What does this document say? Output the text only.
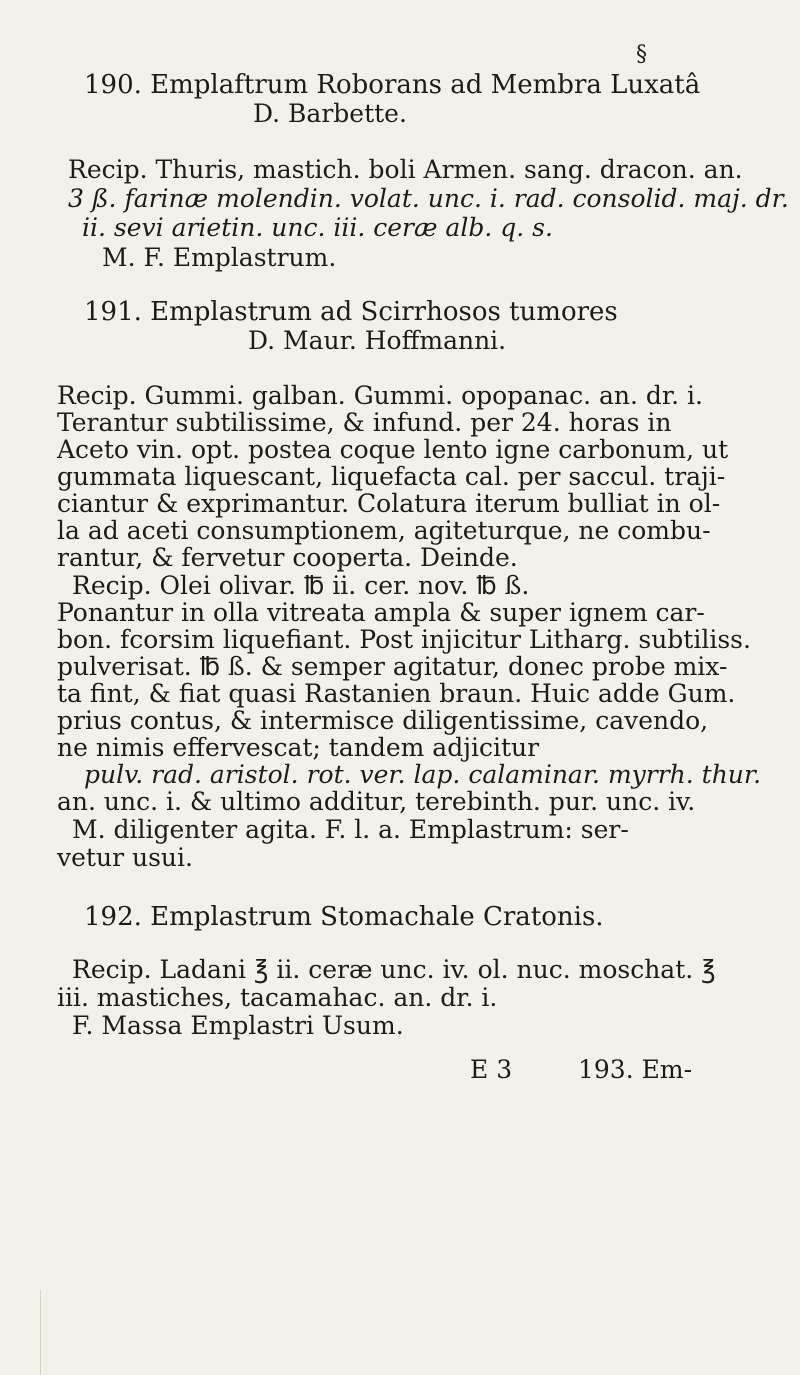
§
190. Emplaftrum Roborans ad Membra Luxatâ
D. Barbette.
Recip. Thuris, mastich. boli Armen. sang. dracon. an.
3 ß. farinæ molendin. volat. unc. i. rad. consolid. maj. dr.
ii. sevi arietin. unc. iii. ceræ alb. q. s.
M. F. Emplastrum.
191. Emplastrum ad Scirrhosos tumores
D. Maur. Hoffmanni.
Recip. Gummi. galban. Gummi. opopanac. an. dr. i.
Terantur subtilissime, & infund. per 24. horas in
Aceto vin. opt. postea coque lento igne carbonum, ut
gummata liquescant, liquefacta cal. per saccul. traji-
ciantur & exprimantur. Colatura iterum bulliat in ol-
la ad aceti consumptionem, agiteturque, ne combu-
rantur, & fervetur cooperta. Deinde.
Recip. Olei olivar. ℔ ii. cer. nov. ℔ ß.
Ponantur in olla vitreata ampla & super ignem car-
bon. fcorsim liquefiant. Post injicitur Litharg. subtiliss.
pulverisat. ℔ ß. & semper agitatur, donec probe mix-
ta fint, & fiat quasi Rastanien braun. Huic adde Gum.
prius contus, & intermisce diligentissime, cavendo,
ne nimis effervescat; tandem adjicitur
pulv. rad. aristol. rot. ver. lap. calaminar. myrrh. thur.
an. unc. i. & ultimo additur, terebinth. pur. unc. iv.
M. diligenter agita. F. l. a. Emplastrum: ser-
vetur usui.
192. Emplastrum Stomachale Cratonis.
Recip. Ladani ℥ ii. ceræ unc. iv. ol. nuc. moschat. ℥
iii. mastiches, tacamahac. an. dr. i.
F. Massa Emplastri Usum.
E 3	193. Em-
